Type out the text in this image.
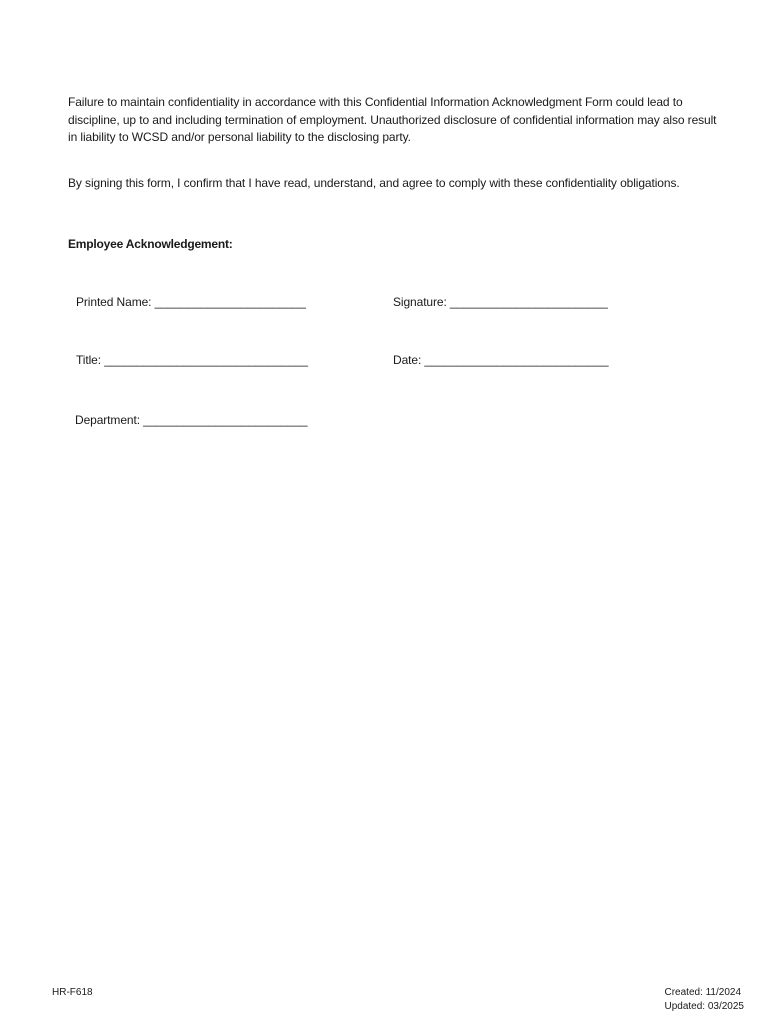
Failure to maintain confidentiality in accordance with this Confidential Information Acknowledgment Form could lead to discipline, up to and including termination of employment. Unauthorized disclosure of confidential information may also result in liability to WCSD and/or personal liability to the disclosing party.
By signing this form, I confirm that I have read, understand, and agree to comply with these confidentiality obligations.
Employee Acknowledgement:
Printed Name: _______________________	Signature: ________________________
Title: _______________________________	Date: ____________________________
Department: _________________________
HR-F618	Created: 11/2024
Updated: 03/2025
